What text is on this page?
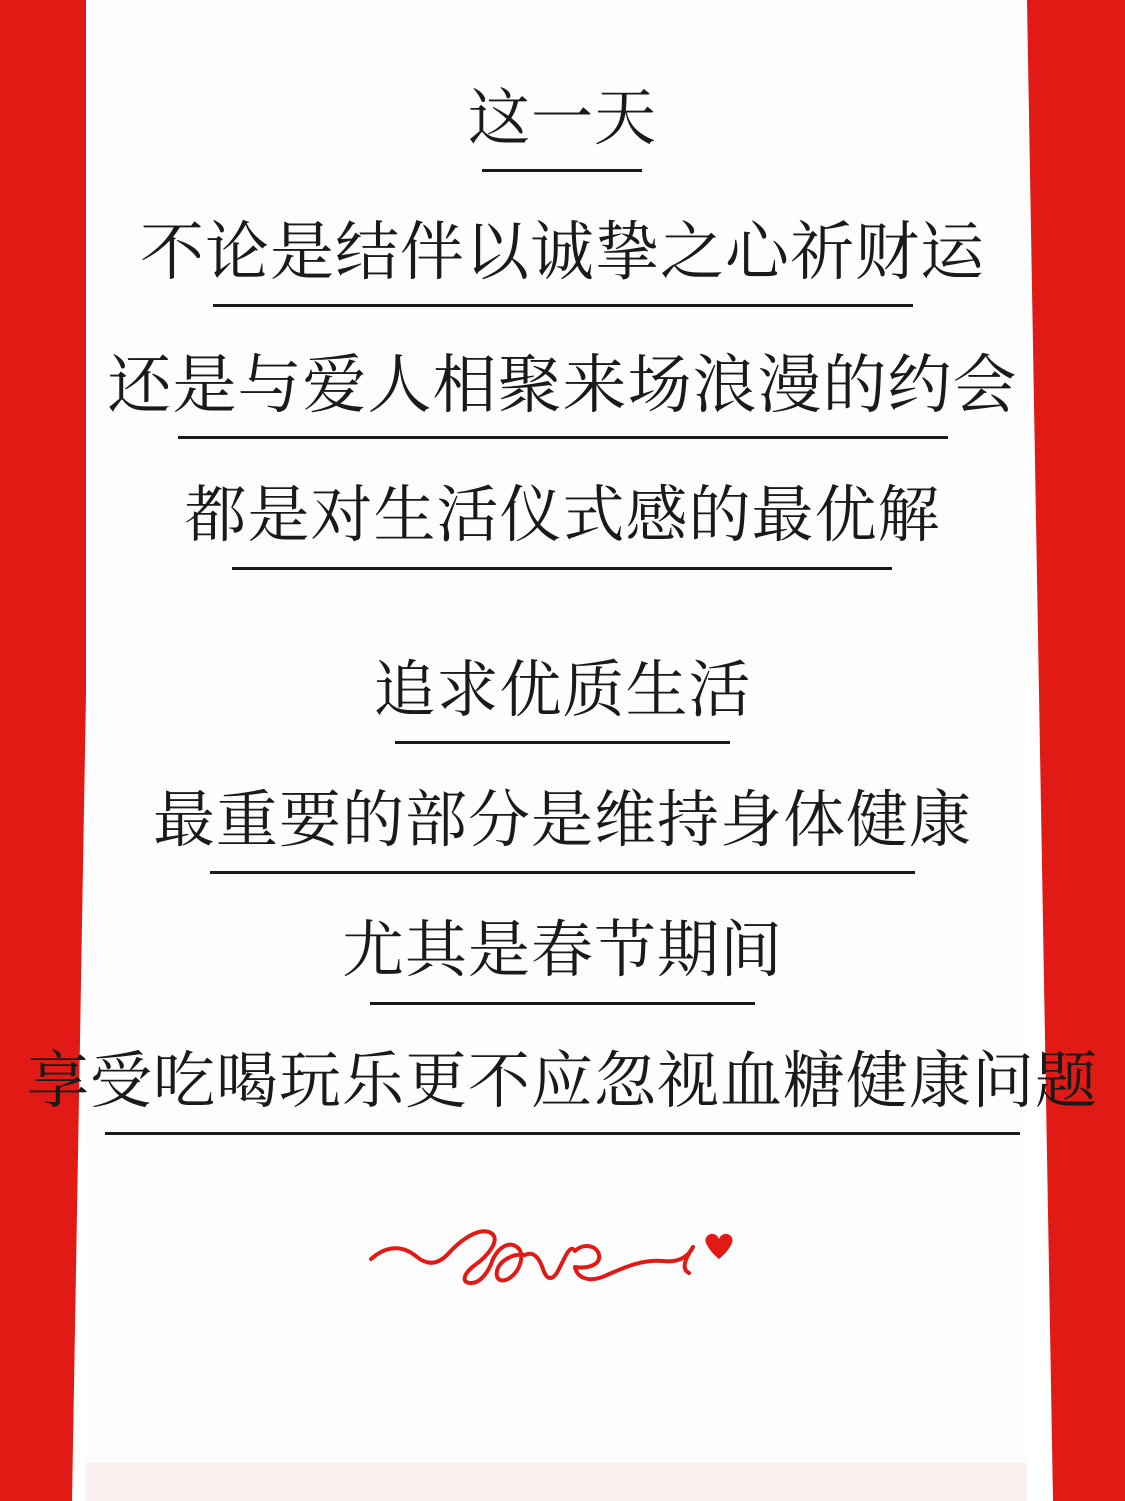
这一天
不论是结伴以诚挚之心祈财运
还是与爱人相聚来场浪漫的约会
都是对生活仪式感的最优解
追求优质生活
最重要的部分是维持身体健康
尤其是春节期间
享受吃喝玩乐更不应忽视血糖健康问题
